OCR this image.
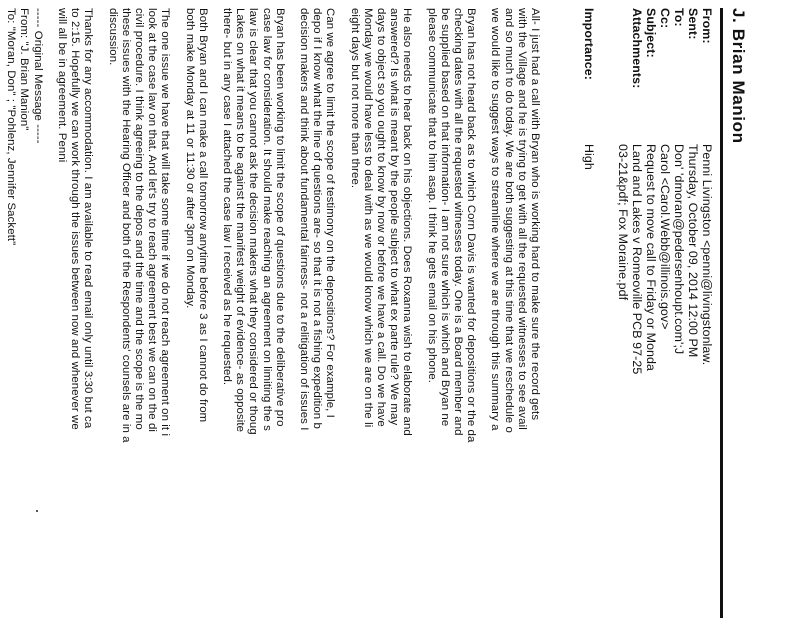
J. Brian Manion
From:
Penni Livingston <penni@livingstonlaw.
Sent:
Thursday, October 09, 2014 12:00 PM
To:
Don' 'dmoran@pedersenhoupt.com';J
Cc:
Carol <Carol.Webb@illinois.gov>
Subject:
Request to move call to Friday or Monda
Attachments:
Land and Lakes v Romeoville PCB 97-25
03-21&pdf; Fox Moraine.pdf
Importance:
High
All- I just had a call with Bryan who is working hard to make sure the record gets
with the Village and he is trying to get with all the requested witnesses to see avail
and so much to do today. We are both suggesting at this time that we reschedule o
we would like to suggest ways to streamline where we are through this summary a
Bryan has not heard back as to which Corn Davis is wanted for depositions or the da
checking dates with all the requested witnesses today. One is a Board member and
be supplied based on that information- I am not sure which is which and Bryan ne
please communicate that to him asap. I think he gets email on his phone.
He also needs to hear back on his objections. Does Roxanna wish to elaborate and
answered? Is what is meant by the people subject to what ex parte rule? We may
days to object so you ought to know by now or before we have a call. Do we have
Monday we would have less to deal with as we would know which we are on the li
eight days but not more than three.
Can we agree to limit the scope of testimony on the depositions? For example, I
depo if I know what the line of questions are- so that it is not a fishing expedition b
decision makers and think about fundamental fairness- not a relitigation of issues I
Bryan has been working to limit the scope of questions due to the deliberative pro
case law for consideration. It should make reaching an agreement on limiting the s
law is clear that you cannot ask the decision makers what they considered or thoug
Lakes on what it means to be against the manifest weight of evidence- as opposite
there- but in any case I attached the case law I received as he requested.
Both Bryan and I can make a call tomorrow anytime before 3 as I cannot do from
both make Monday at 11 or 11:30 or after 3pm on Monday.
The one issue we have that will take some time if we do not reach agreement on it i
look at the case law on that. And let's try to reach agreement best we can on the di
civil procedure. I think agreeing to the depos and the time and the scope is the mo
these issues with the Hearing Officer and both of the Respondents' counsels are in a
discussion.
Thanks for any accommodation. I am available to read email only until 3:30 but ca
to 2:15. Hopefully we can work through the issues between now and whenever we
will all be in agreement. Penni
----- Original Message -----
From: "J. Brian Manion"
To: "Moran, Don" ; "Pohlenz, Jennifer Sackett"
